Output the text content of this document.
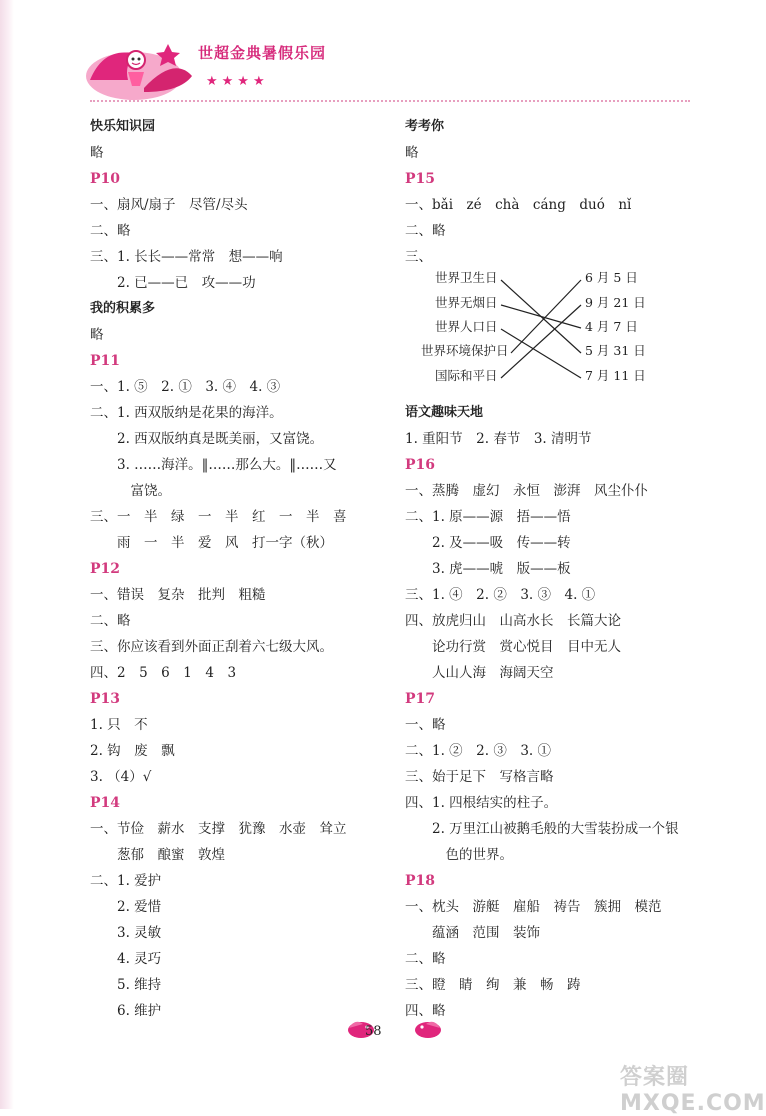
世超金典暑假乐园
★★★★
快乐知识园
略
P10
一、扇风/扇子　尽管/尽头
二、略
三、1. 长长——常常　想——响
　　2. 已——已　攻——功
我的积累多
略
P11
一、1. ⑤　2. ①　3. ④　4. ③
二、1. 西双版纳是花果的海洋。
　　2. 西双版纳真是既美丽，又富饶。
　　3. ……海洋。‖……那么大。‖……又
　　　富饶。
三、一　半　绿　一　半　红　一　半　喜
　　雨　一　半　爱　风　打一字（秋）
P12
一、错误　复杂　批判　粗糙
二、略
三、你应该看到外面正刮着六七级大风。
四、2　5　6　1　4　3
P13
1. 只　不
2. 钩　废　飘
3. （4）√
P14
一、节俭　薪水　支撑　犹豫　水壶　耸立
　　葱郁　酿蜜　敦煌
二、1. 爱护
　　2. 爱惜
　　3. 灵敏
　　4. 灵巧
　　5. 维持
　　6. 维护
考考你
略
P15
一、bǎi　zé　chà　cáng　duó　nǐ
二、略
三、
语文趣味天地
1. 重阳节　2. 春节　3. 清明节
P16
一、蒸腾　虚幻　永恒　澎湃　风尘仆仆
二、1. 原——源　捂——悟
　　2. 及——吸　传——转
　　3. 虎——唬　版——板
三、1. ④　2. ②　3. ③　4. ①
四、放虎归山　山高水长　长篇大论
　　论功行赏　赏心悦目　目中无人
　　人山人海　海阔天空
P17
一、略
二、1. ②　2. ③　3. ①
三、始于足下　写格言略
四、1. 四根结实的柱子。
　　2. 万里江山被鹅毛般的大雪装扮成一个银
　　　色的世界。
P18
一、枕头　游艇　雇船　祷告　簇拥　模范
　　蕴涵　范围　装饰
二、略
三、瞪　睛　绚　兼　畅　踌
四、略
世界卫生日
世界无烟日
世界人口日
世界环境保护日
国际和平日
6 月 5 日
9 月 21 日
4 月 7 日
5 月 31 日
7 月 11 日
58
答案圈 MXQE.COM
